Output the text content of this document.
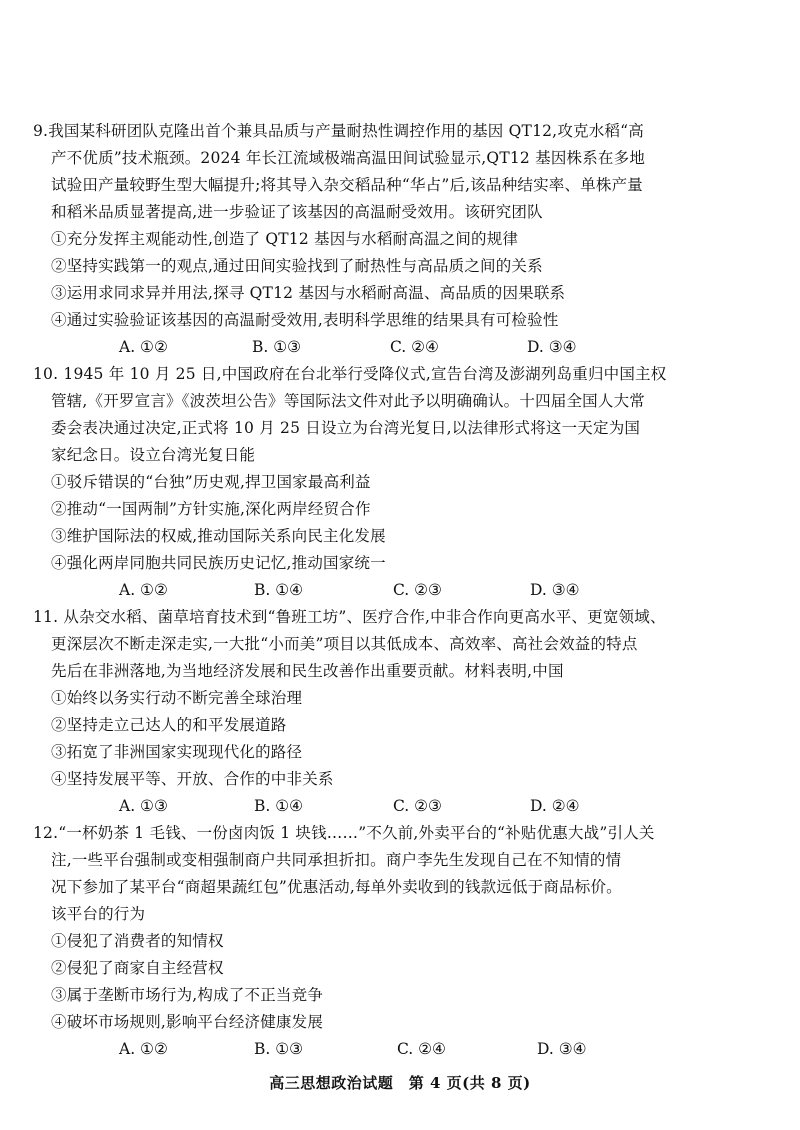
9.我国某科研团队克隆出首个兼具品质与产量耐热性调控作用的基因 QT12,攻克水稻“高
产不优质”技术瓶颈。2024 年长江流域极端高温田间试验显示,QT12 基因株系在多地
试验田产量较野生型大幅提升;将其导入杂交稻品种“华占”后,该品种结实率、单株产量
和稻米品质显著提高,进一步验证了该基因的高温耐受效用。该研究团队
①充分发挥主观能动性,创造了 QT12 基因与水稻耐高温之间的规律
②坚持实践第一的观点,通过田间实验找到了耐热性与高品质之间的关系
③运用求同求异并用法,探寻 QT12 基因与水稻耐高温、高品质的因果联系
④通过实验验证该基因的高温耐受效用,表明科学思维的结果具有可检验性
A. ①②	B. ①③	C. ②④	D. ③④
10. 1945 年 10 月 25 日,中国政府在台北举行受降仪式,宣告台湾及澎湖列岛重归中国主权
管辖,《开罗宣言》《波茨坦公告》等国际法文件对此予以明确确认。十四届全国人大常
委会表决通过决定,正式将 10 月 25 日设立为台湾光复日,以法律形式将这一天定为国
家纪念日。设立台湾光复日能
①驳斥错误的“台独”历史观,捍卫国家最高利益
②推动“一国两制”方针实施,深化两岸经贸合作
③维护国际法的权威,推动国际关系向民主化发展
④强化两岸同胞共同民族历史记忆,推动国家统一
A. ①②	B. ①④	C. ②③	D. ③④
11. 从杂交水稻、菌草培育技术到“鲁班工坊”、医疗合作,中非合作向更高水平、更宽领域、
更深层次不断走深走实,一大批“小而美”项目以其低成本、高效率、高社会效益的特点
先后在非洲落地,为当地经济发展和民生改善作出重要贡献。材料表明,中国
①始终以务实行动不断完善全球治理
②坚持走立己达人的和平发展道路
③拓宽了非洲国家实现现代化的路径
④坚持发展平等、开放、合作的中非关系
A. ①③	B. ①④	C. ②③	D. ②④
12.“一杯奶茶 1 毛钱、一份卤肉饭 1 块钱……”不久前,外卖平台的“补贴优惠大战”引人关
注,一些平台强制或变相强制商户共同承担折扣。商户李先生发现自己在不知情的情
况下参加了某平台“商超果蔬红包”优惠活动,每单外卖收到的钱款远低于商品标价。
该平台的行为
①侵犯了消费者的知情权
②侵犯了商家自主经营权
③属于垄断市场行为,构成了不正当竞争
④破坏市场规则,影响平台经济健康发展
A. ①②	B. ①③	C. ②④	D. ③④
高三思想政治试题　第 4 页(共 8 页)
